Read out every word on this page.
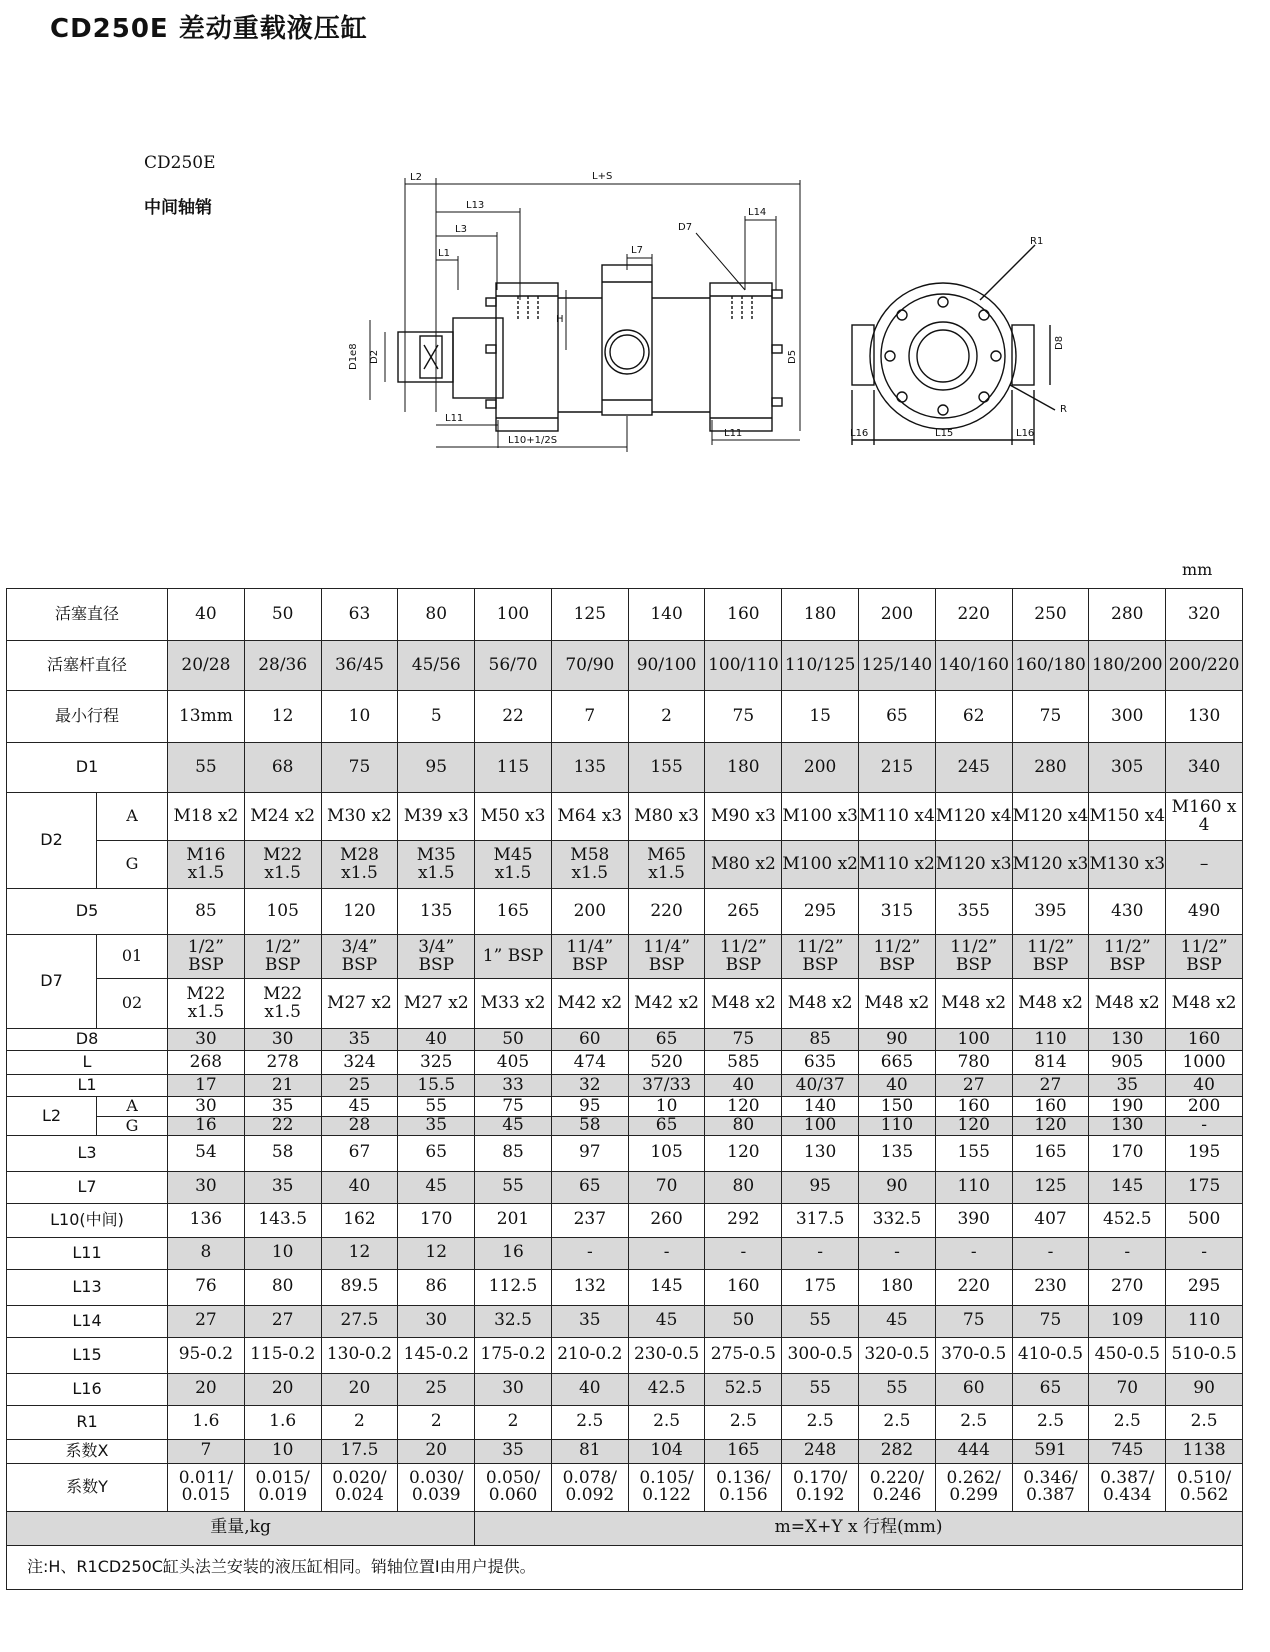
CD250E 差动重载液压缸
CD250E
中间轴销
mm
L2	L+S
L13
L3
L1
L14
D7
L7
R1
H
D1e8 D2	D5
D8
L11
L10+1/2S
L11	L16	L15	L16
R
活塞直径		40	50	63	80	100	125	140	160	180	200	220	250	280	320
活塞杆直径		20/28	28/36	36/45	45/56	56/70	70/90	90/100	100/110	110/125	125/140	140/160	160/180	180/200	200/220
最小行程		13mm	12	10	5	22	7	2	75	15	65	62	75	300	130
D1		55	68	75	95	115	135	155	180	200	215	245	280	305	340
D2	A	M18 x2	M24 x2	M30 x2	M39 x3	M50 x3	M64 x3	M80 x3	M90 x3	M100 x3	M110 x4	M120 x4	M120 x4	M150 x4	M160 x 4
	G	M16 x1.5	M22 x1.5	M28 x1.5	M35 x1.5	M45 x1.5	M58 x1.5	M65 x1.5	M80 x2	M100 x2	M110 x2	M120 x3	M120 x3	M130 x3	–
D5		85	105	120	135	165	200	220	265	295	315	355	395	430	490
D7	01	1/2” BSP	1/2” BSP	3/4” BSP	3/4” BSP	1” BSP	11/4” BSP	11/4” BSP	11/2” BSP	11/2” BSP	11/2” BSP	11/2” BSP	11/2” BSP	11/2” BSP	11/2” BSP
	02	M22 x1.5	M22 x1.5	M27 x2	M27 x2	M33 x2	M42 x2	M42 x2	M48 x2	M48 x2	M48 x2	M48 x2	M48 x2	M48 x2	M48 x2
D8		30	30	35	40	50	60	65	75	85	90	100	110	130	160
L		268	278	324	325	405	474	520	585	635	665	780	814	905	1000
L1		17	21	25	15.5	33	32	37/33	40	40/37	40	27	27	35	40
L2	A	30	35	45	55	75	95	10	120	140	150	160	160	190	200
	G	16	22	28	35	45	58	65	80	100	110	120	120	130	-
L3		54	58	67	65	85	97	105	120	130	135	155	165	170	195
L7		30	35	40	45	55	65	70	80	95	90	110	125	145	175
L10(中间)		136	143.5	162	170	201	237	260	292	317.5	332.5	390	407	452.5	500
L11		8	10	12	12	16	-	-	-	-	-	-	-	-	-
L13		76	80	89.5	86	112.5	132	145	160	175	180	220	230	270	295
L14		27	27	27.5	30	32.5	35	45	50	55	45	75	75	109	110
L15		95-0.2	115-0.2	130-0.2	145-0.2	175-0.2	210-0.2	230-0.5	275-0.5	300-0.5	320-0.5	370-0.5	410-0.5	450-0.5	510-0.5
L16		20	20	20	25	30	40	42.5	52.5	55	55	60	65	70	90
R1		1.6	1.6	2	2	2	2.5	2.5	2.5	2.5	2.5	2.5	2.5	2.5	2.5
系数X		7	10	17.5	20	35	81	104	165	248	282	444	591	745	1138
系数Y		0.011/ 0.015	0.015/ 0.019	0.020/ 0.024	0.030/ 0.039	0.050/ 0.060	0.078/ 0.092	0.105/ 0.122	0.136/ 0.156	0.170/ 0.192	0.220/ 0.246	0.262/ 0.299	0.346/ 0.387	0.387/ 0.434	0.510/ 0.562
重量,kg						m=X+Y x 行程(mm)									
注:H、R1CD250C缸头法兰安装的液压缸相同。销轴位置I由用户提供。															
